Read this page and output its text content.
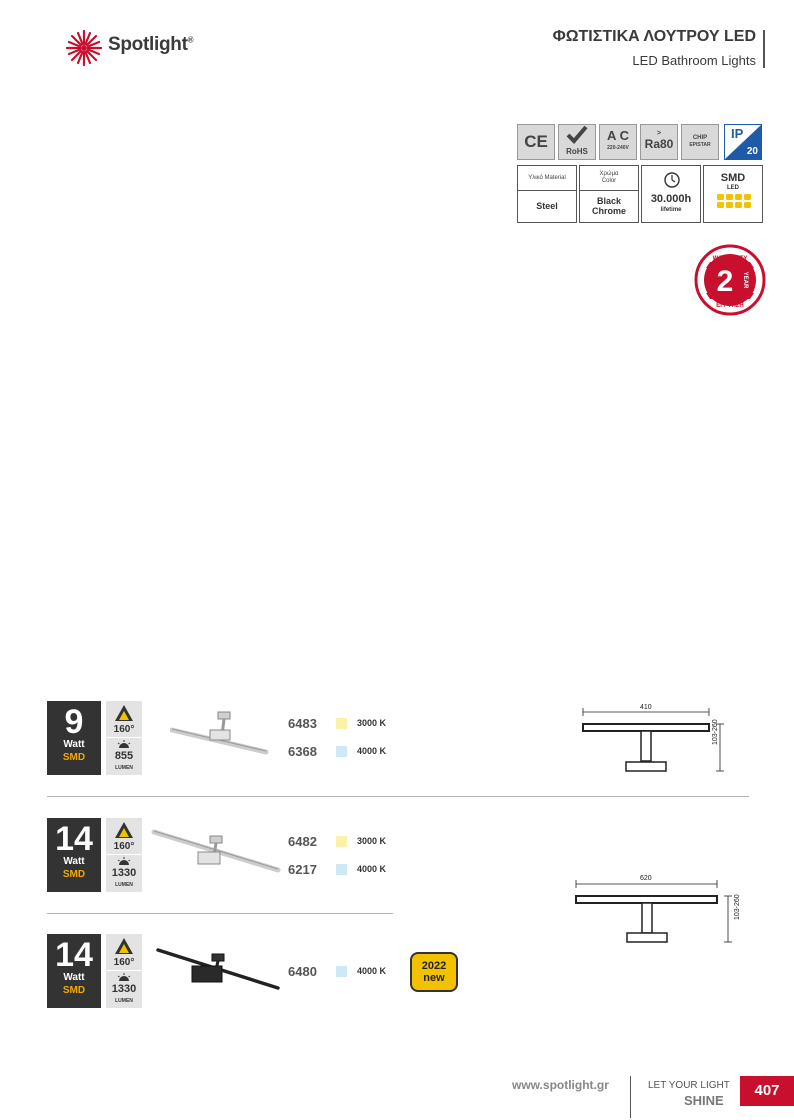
Spotlight®	ΦΩΤΙΣΤΙΚΑ ΛΟΥΤΡΟΥ LED
LED Bathroom Lights
CE
RoHS
A C
220-240V
>
Ra80	CHIP
EPISTAR
IP
20
Υλικό Material
Steel
Χρώμα Color
Black Chrome
30.000h
lifetime
SMD
LED
WARRANTY
2 YEAR
ΕΓΓΥΗΣΗ
9
Watt
SMD
160°
855
LUMEN
6483	3000 K
6368	4000 K
410
103-260
14
Watt
SMD
160°
1330
LUMEN
6482	3000 K
6217	4000 K
620
103-260
14
Watt
SMD
160°
1330
LUMEN
6480	4000 K	2022
new
www.spotlight.gr	LET YOUR LIGHT
SHINE
407
